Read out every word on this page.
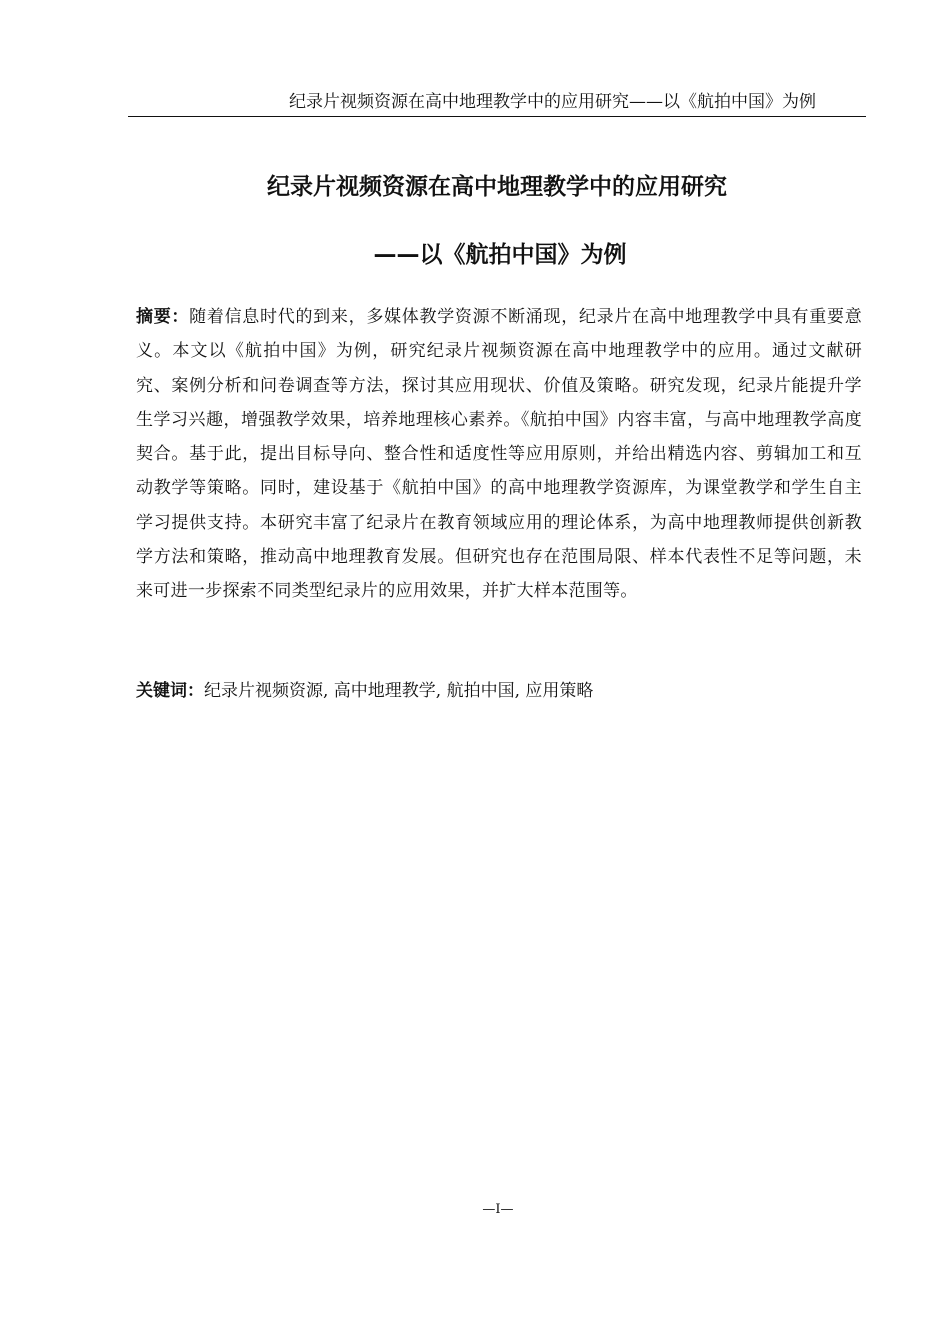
纪录片视频资源在高中地理教学中的应用研究——以《航拍中国》为例
纪录片视频资源在高中地理教学中的应用研究
——以《航拍中国》为例
摘要：随着信息时代的到来，多媒体教学资源不断涌现，纪录片在高中地理教学中具有重要意义。本文以《航拍中国》为例，研究纪录片视频资源在高中地理教学中的应用。通过文献研究、案例分析和问卷调查等方法，探讨其应用现状、价值及策略。研究发现，纪录片能提升学生学习兴趣，增强教学效果，培养地理核心素养。《航拍中国》内容丰富，与高中地理教学高度契合。基于此，提出目标导向、整合性和适度性等应用原则，并给出精选内容、剪辑加工和互动教学等策略。同时，建设基于《航拍中国》的高中地理教学资源库，为课堂教学和学生自主学习提供支持。本研究丰富了纪录片在教育领域应用的理论体系，为高中地理教师提供创新教学方法和策略，推动高中地理教育发展。但研究也存在范围局限、样本代表性不足等问题，未来可进一步探索不同类型纪录片的应用效果，并扩大样本范围等。
关键词：纪录片视频资源, 高中地理教学, 航拍中国, 应用策略
—I—
